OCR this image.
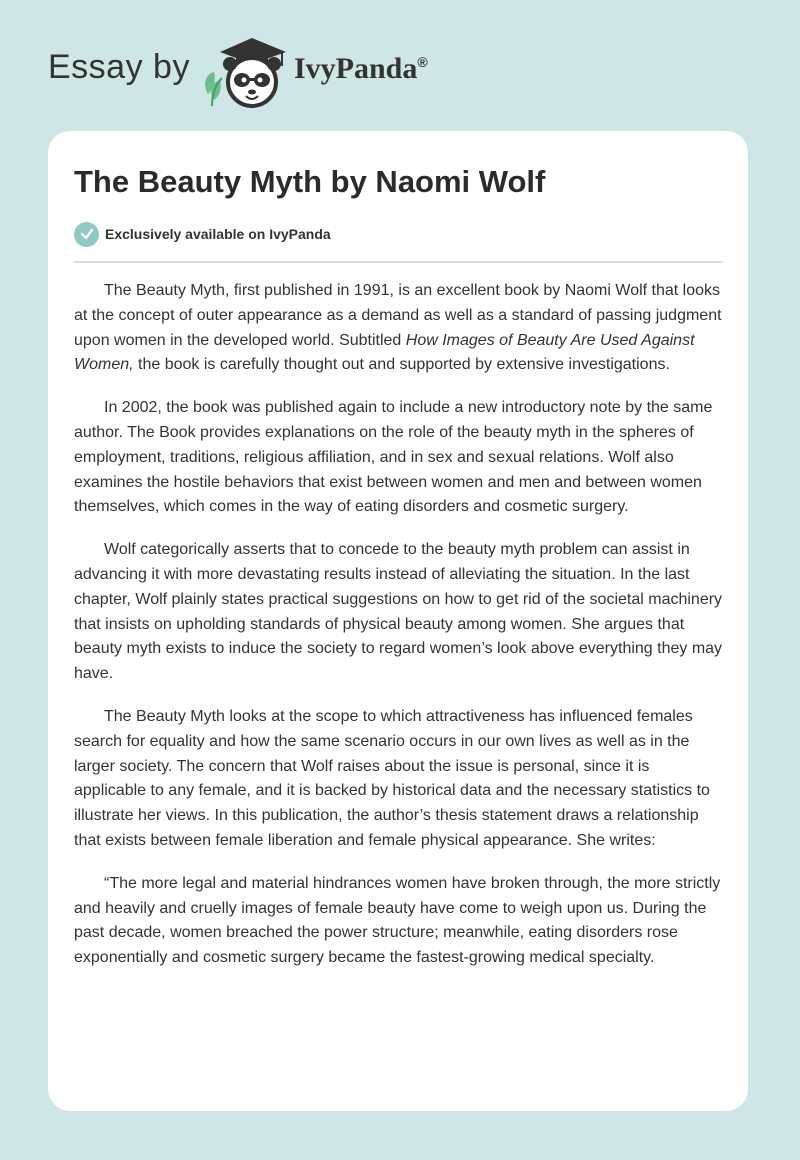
Essay by	IvyPanda®
The Beauty Myth by Naomi Wolf
Exclusively available on IvyPanda

The Beauty Myth, first published in 1991, is an excellent book by Naomi Wolf that looks at the concept of outer appearance as a demand as well as a standard of passing judgment upon women in the developed world. Subtitled How Images of Beauty Are Used Against Women, the book is carefully thought out and supported by extensive investigations.

In 2002, the book was published again to include a new introductory note by the same author. The Book provides explanations on the role of the beauty myth in the spheres of employment, traditions, religious affiliation, and in sex and sexual relations. Wolf also examines the hostile behaviors that exist between women and men and between women themselves, which comes in the way of eating disorders and cosmetic surgery.

Wolf categorically asserts that to concede to the beauty myth problem can assist in advancing it with more devastating results instead of alleviating the situation. In the last chapter, Wolf plainly states practical suggestions on how to get rid of the societal machinery that insists on upholding standards of physical beauty among women. She argues that beauty myth exists to induce the society to regard women’s look above everything they may have.

The Beauty Myth looks at the scope to which attractiveness has influenced females search for equality and how the same scenario occurs in our own lives as well as in the larger society. The concern that Wolf raises about the issue is personal, since it is applicable to any female, and it is backed by historical data and the necessary statistics to illustrate her views. In this publication, the author’s thesis statement draws a relationship that exists between female liberation and female physical appearance. She writes:

“The more legal and material hindrances women have broken through, the more strictly and heavily and cruelly images of female beauty have come to weigh upon us. During the past decade, women breached the power structure; meanwhile, eating disorders rose exponentially and cosmetic surgery became the fastest-growing medical specialty.
